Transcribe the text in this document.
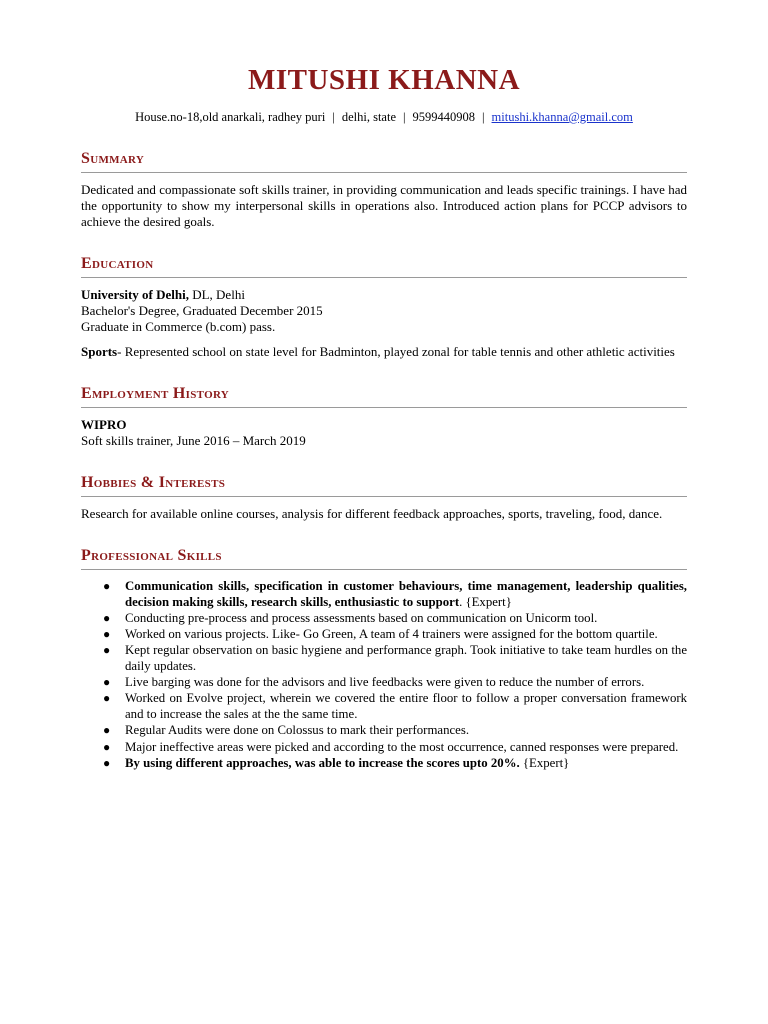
MITUSHI KHANNA
House.no-18,old anarkali, radhey puri | delhi, state | 9599440908 | mitushi.khanna@gmail.com
Summary
Dedicated and compassionate soft skills trainer, in providing communication and leads specific trainings. I have had the opportunity to show my interpersonal skills in operations also. Introduced action plans for PCCP advisors to achieve the desired goals.
Education

University of Delhi, DL, Delhi

Bachelor's Degree, Graduated December 2015

Graduate in Commerce (b.com) pass.

Sports- Represented school on state level for Badminton, played zonal for table tennis and other athletic activities

Employment History

WIPRO

Soft skills trainer, June 2016 – March 2019

Hobbies & Interests
Research for available online courses, analysis for different feedback approaches, sports, traveling, food, dance.
Professional Skills
● Communication skills, specification in customer behaviours, time management, leadership qualities, decision making skills, research skills, enthusiastic to support. {Expert}
● Conducting pre-process and process assessments based on communication on Unicorm tool.
● Worked on various projects. Like- Go Green, A team of 4 trainers were assigned for the bottom quartile.
● Kept regular observation on basic hygiene and performance graph. Took initiative to take team hurdles on the daily updates.
● Live barging was done for the advisors and live feedbacks were given to reduce the number of errors.
● Worked on Evolve project, wherein we covered the entire floor to follow a proper conversation framework and to increase the sales at the the same time.
● Regular Audits were done on Colossus to mark their performances.
● Major ineffective areas were picked and according to the most occurrence, canned responses were prepared.
● By using different approaches, was able to increase the scores upto 20%. {Expert}
